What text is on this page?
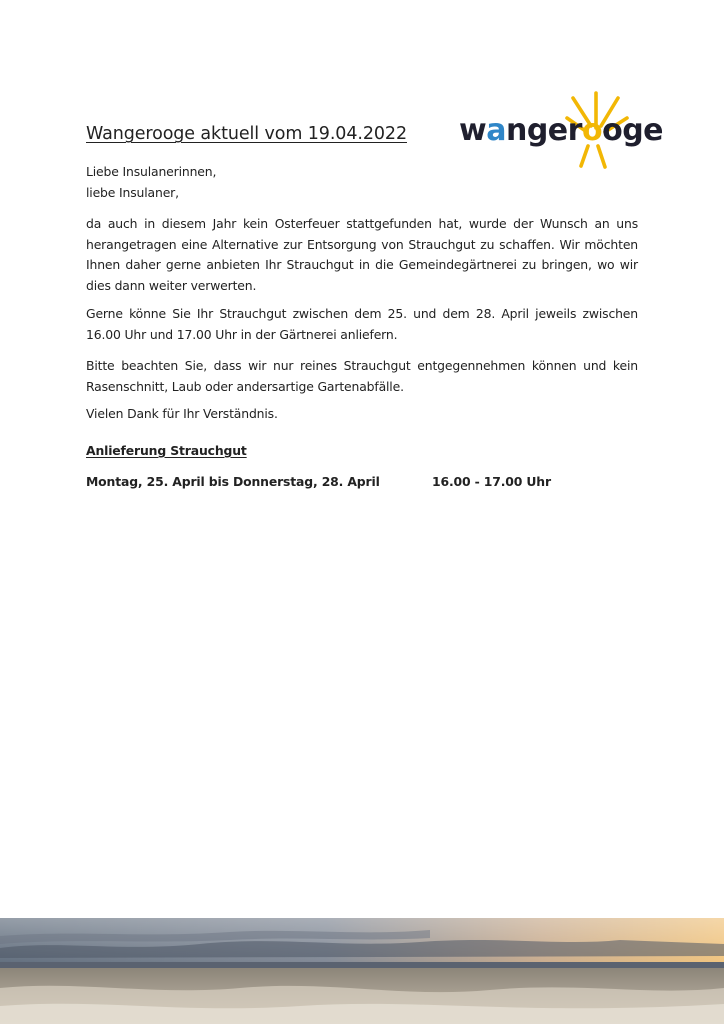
Wangerooge aktuell vom 19.04.2022 wangerooge

Liebe Insulanerinnen,

liebe Insulaner,

da auch in diesem Jahr kein Osterfeuer stattgefunden hat, wurde der Wunsch an uns herangetragen eine Alternative zur Entsorgung von Strauchgut zu schaffen. Wir möchten Ihnen daher gerne anbieten Ihr Strauchgut in die Gemeindegärtnerei zu bringen, wo wir dies dann weiter verwerten.
Gerne könne Sie Ihr Strauchgut zwischen dem 25. und dem 28. April jeweils zwischen 16.00 Uhr und 17.00 Uhr in der Gärtnerei anliefern.
Bitte beachten Sie, dass wir nur reines Strauchgut entgegennehmen können und kein Rasenschnitt, Laub oder andersartige Gartenabfälle.
Vielen Dank für Ihr Verständnis.
Anlieferung Strauchgut
Montag, 25. April bis Donnerstag, 28. April	16.00 - 17.00 Uhr
